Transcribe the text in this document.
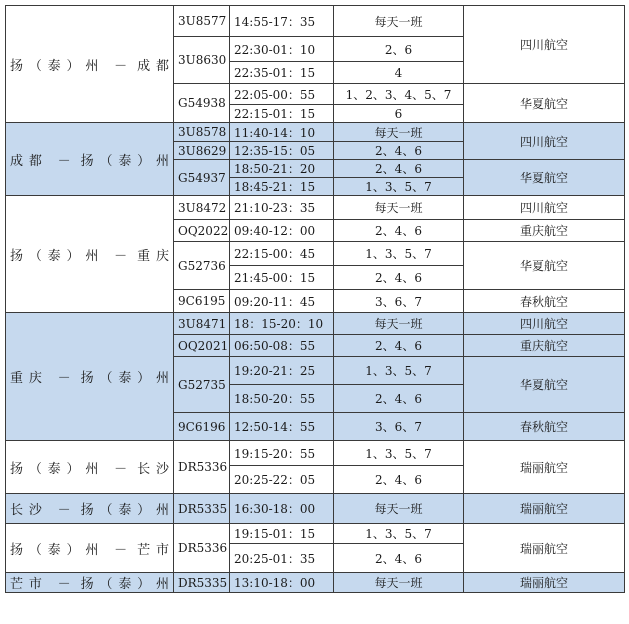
扬（泰）州 － 成都	3U8577	14:55-17：35	每天一班	四川航空
	3U8630	22:30-01：10	2、6	
		22:35-01：15	4	
	G54938	22:05-00：55	1、2、3、4、5、7	华夏航空
		22:15-01：15	6	
成都 － 扬（泰）州	3U8578	11:40-14：10	每天一班	四川航空
	3U8629	12:35-15：05	2、4、6	
	G54937	18:50-21：20	2、4、6	华夏航空
		18:45-21：15	1、3、5、7	
扬（泰）州 － 重庆	3U8472	21:10-23：35	每天一班	四川航空
	OQ2022	09:40-12：00	2、4、6	重庆航空
	G52736	22:15-00：45	1、3、5、7	华夏航空
		21:45-00：15	2、4、6	
	9C6195	09:20-11：45	3、6、7	春秋航空
重庆 － 扬（泰）州	3U8471	18：15-20：10	每天一班	四川航空
	OQ2021	06:50-08：55	2、4、6	重庆航空
	G52735	19:20-21：25	1、3、5、7	华夏航空
		18:50-20：55	2、4、6	
	9C6196	12:50-14：55	3、6、7	春秋航空
扬（泰）州 － 长沙	DR5336	19:15-20：55	1、3、5、7	瑞丽航空
		20:25-22：05	2、4、6	
长沙 － 扬（泰）州	DR5335	16:30-18：00	每天一班	瑞丽航空
扬（泰）州 － 芒市	DR5336	19:15-01：15	1、3、5、7	瑞丽航空
		20:25-01：35	2、4、6	
芒市 － 扬（泰）州	DR5335	13:10-18：00	每天一班	瑞丽航空
